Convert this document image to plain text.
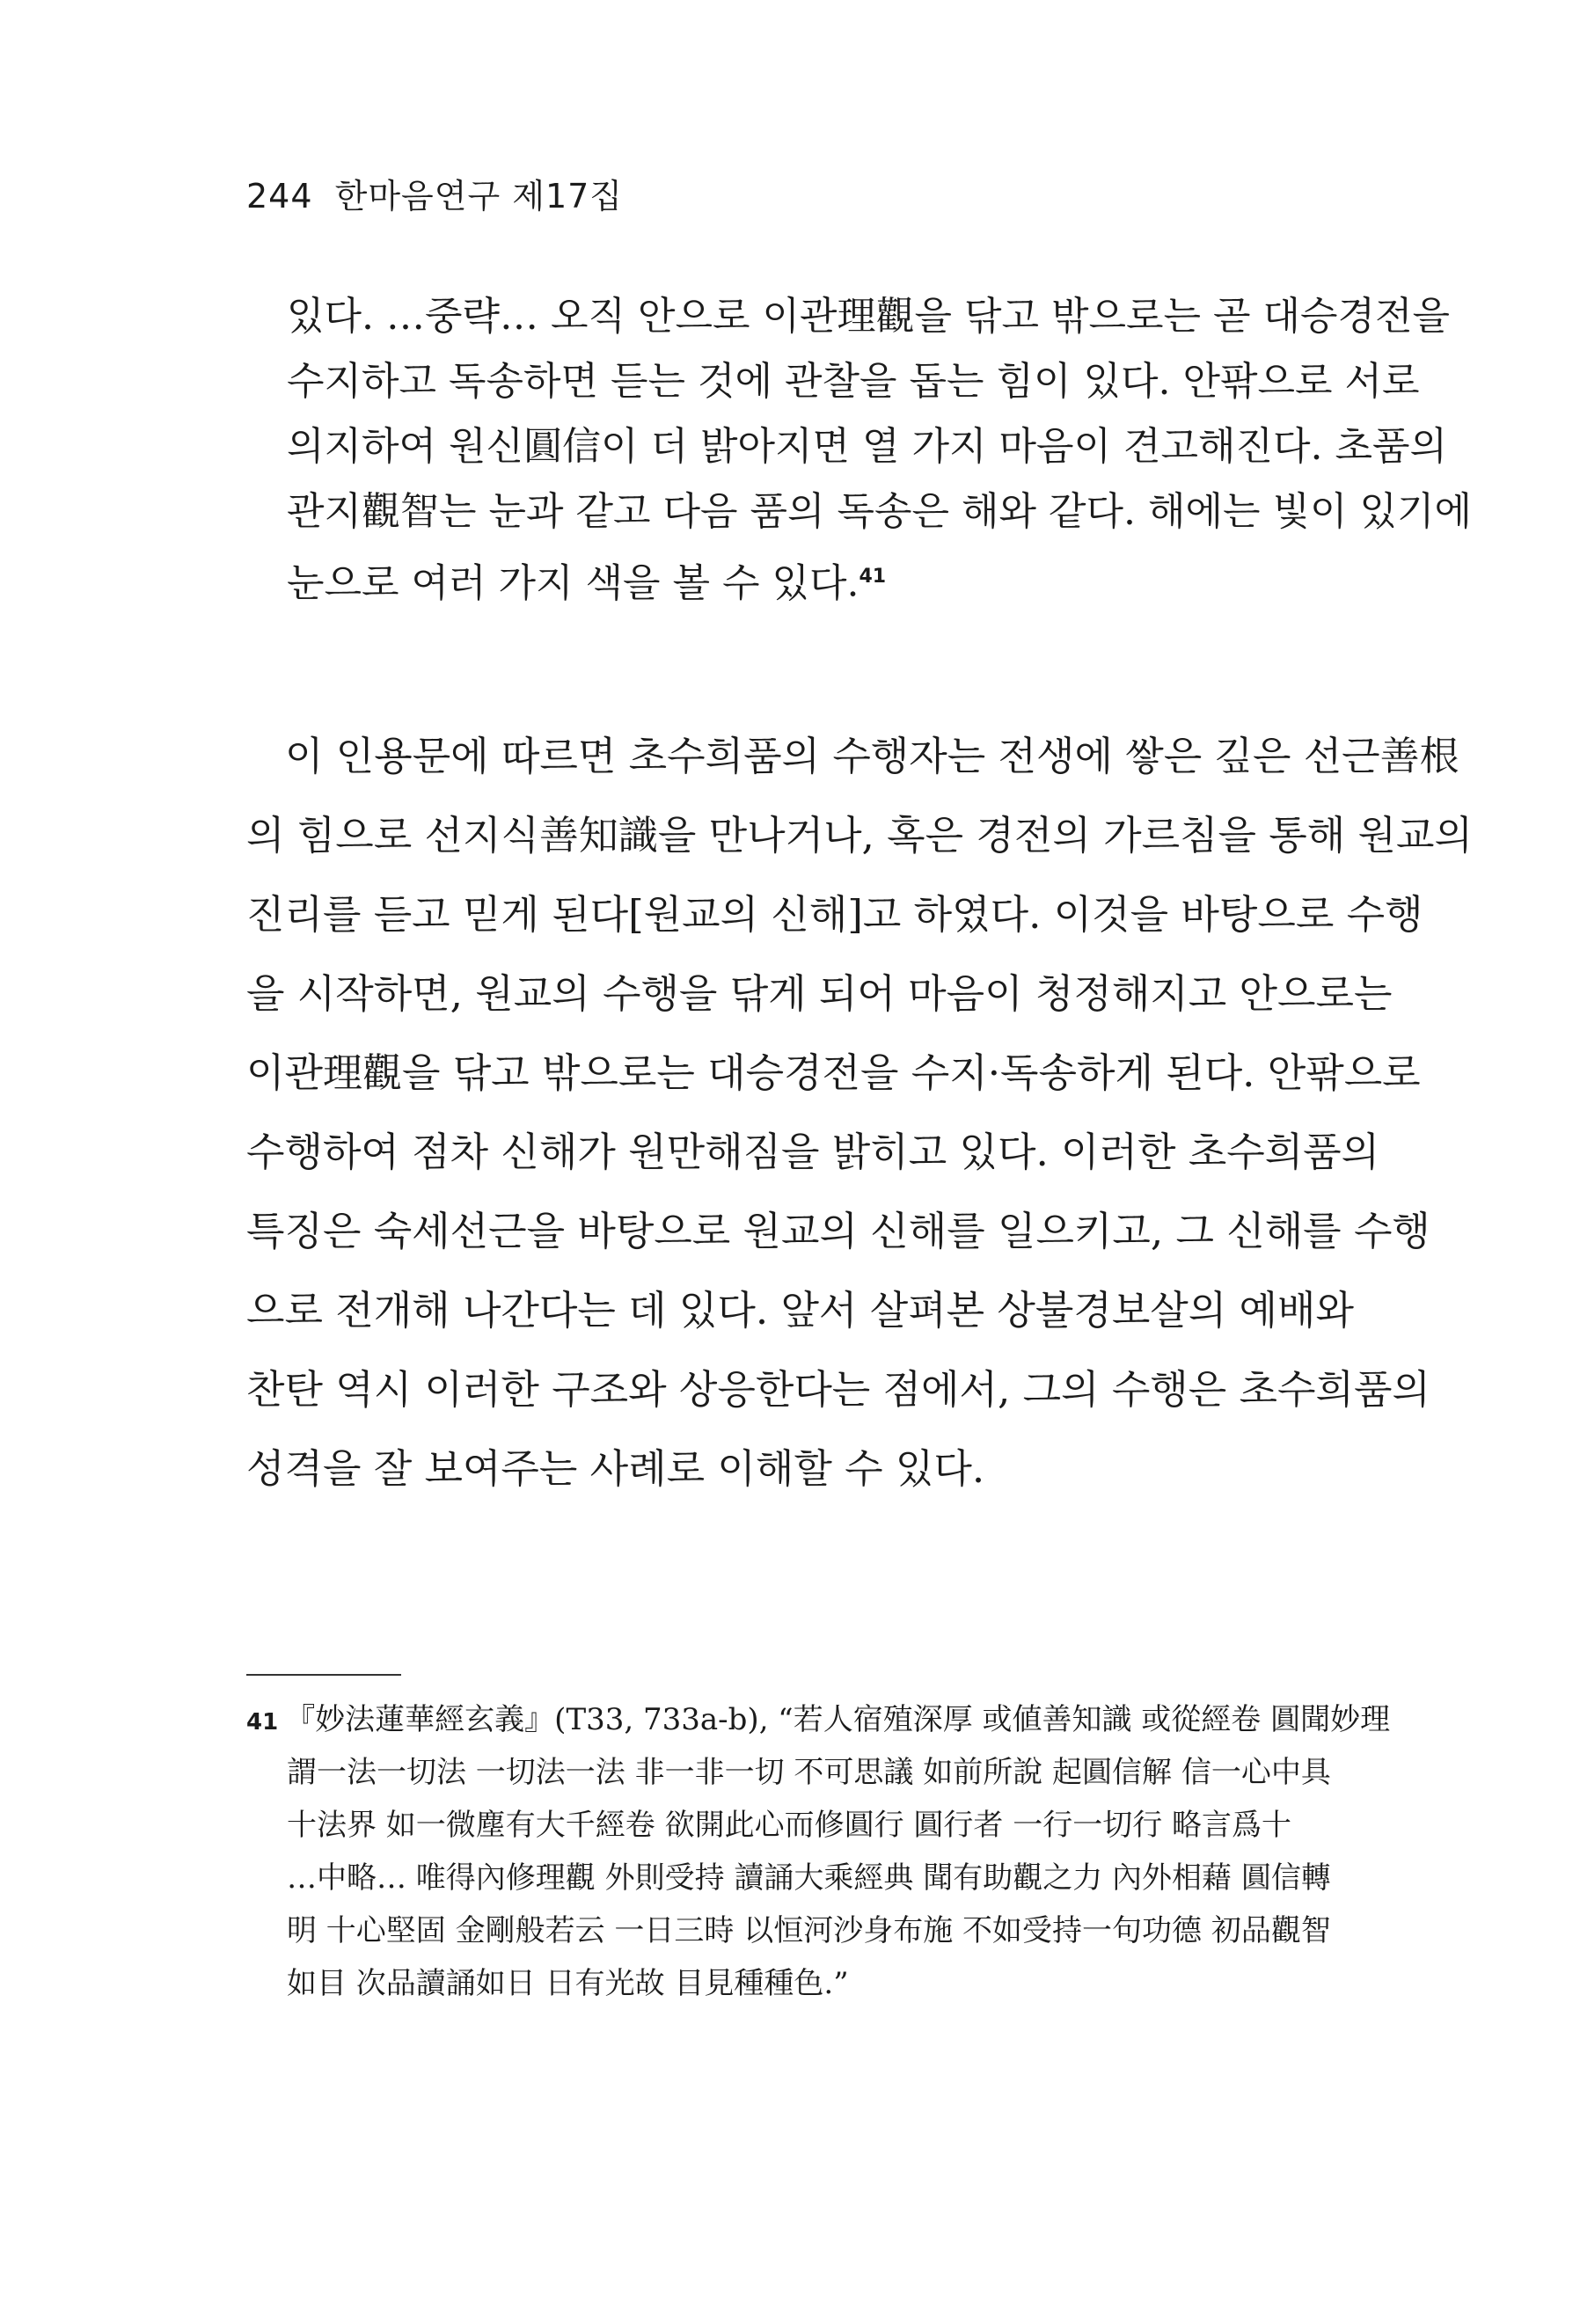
244 한마음연구 제17집
있다. …중략… 오직 안으로 이관理觀을 닦고 밖으로는 곧 대승경전을
수지하고 독송하면 듣는 것에 관찰을 돕는 힘이 있다. 안팎으로 서로
의지하여 원신圓信이 더 밝아지면 열 가지 마음이 견고해진다. 초품의
관지觀智는 눈과 같고 다음 품의 독송은 해와 같다. 해에는 빛이 있기에
눈으로 여러 가지 색을 볼 수 있다.$^{41}$
이 인용문에 따르면 초수희품의 수행자는 전생에 쌓은 깊은 선근善根
의 힘으로 선지식善知識을 만나거나, 혹은 경전의 가르침을 통해 원교의
진리를 듣고 믿게 된다[원교의 신해]고 하였다. 이것을 바탕으로 수행
을 시작하면, 원교의 수행을 닦게 되어 마음이 청정해지고 안으로는
이관理觀을 닦고 밖으로는 대승경전을 수지·독송하게 된다. 안팎으로
수행하여 점차 신해가 원만해짐을 밝히고 있다. 이러한 초수희품의
특징은 숙세선근을 바탕으로 원교의 신해를 일으키고, 그 신해를 수행
으로 전개해 나간다는 데 있다. 앞서 살펴본 상불경보살의 예배와
찬탄 역시 이러한 구조와 상응한다는 점에서, 그의 수행은 초수희품의
성격을 잘 보여주는 사례로 이해할 수 있다.
41 『妙法蓮華經玄義』(T33, 733a-b), “若人宿殖深厚 或値善知識 或從經卷 圓聞妙理
謂一法一切法 一切法一法 非一非一切 不可思議 如前所說 起圓信解 信一心中具
十法界 如一微塵有大千經卷 欲開此心而修圓行 圓行者 一行一切行 略言爲十
…中略… 唯得內修理觀 外則受持 讀誦大乘經典 聞有助觀之力 內外相藉 圓信轉
明 十心堅固 金剛般若云 一日三時 以恒河沙身布施 不如受持一句功德 初品觀智
如目 次品讀誦如日 日有光故 目見種種色.”
